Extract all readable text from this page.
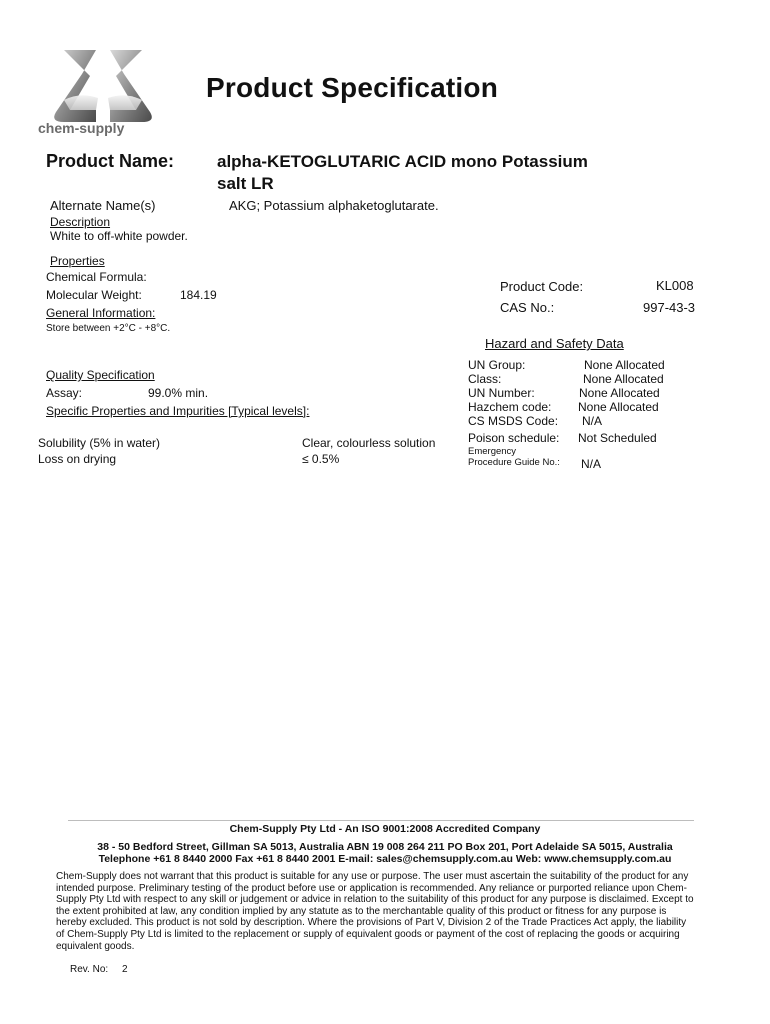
chem-supply
Product Specification
Product Name:	alpha-KETOGLUTARIC ACID mono Potassium
salt LR
Alternate Name(s)	AKG; Potassium alphaketoglutarate.
Description
White to off-white powder.
Properties
Chemical Formula:
Molecular Weight:	184.19
General Information:
Store between +2°C - +8°C.
Product Code:	KL008
CAS No.:	997-43-3
Hazard and Safety Data
UN Group:	None Allocated
Class:	None Allocated
UN Number:	None Allocated
Hazchem code: None Allocated
CS MSDS Code: N/A
Poison schedule: Not Scheduled
Emergency
Procedure Guide No.: N/A
Quality Specification
Assay:	99.0% min.
Specific Properties and Impurities [Typical levels]:
Solubility (5% in water)	Clear, colourless solution
Loss on drying	≤ 0.5%
Chem-Supply Pty Ltd - An ISO 9001:2008 Accredited Company
38 - 50 Bedford Street, Gillman SA 5013, Australia ABN 19 008 264 211 PO Box 201, Port Adelaide SA 5015, Australia
Telephone +61 8 8440 2000 Fax +61 8 8440 2001 E-mail: sales@chemsupply.com.au Web: www.chemsupply.com.au
Chem-Supply does not warrant that this product is suitable for any use or purpose. The user must ascertain the suitability of the product for any intended purpose. Preliminary testing of the product before use or application is recommended. Any reliance or purported reliance upon Chem-Supply Pty Ltd with respect to any skill or judgement or advice in relation to the suitability of this product for any purpose is disclaimed. Except to the extent prohibited at law, any condition implied by any statute as to the merchantable quality of this product or fitness for any purpose is hereby excluded. This product is not sold by description. Where the provisions of Part V, Division 2 of the Trade Practices Act apply, the liability of Chem-Supply Pty Ltd is limited to the replacement or supply of equivalent goods or payment of the cost of replacing the goods or acquiring equivalent goods.
Rev. No: 2
